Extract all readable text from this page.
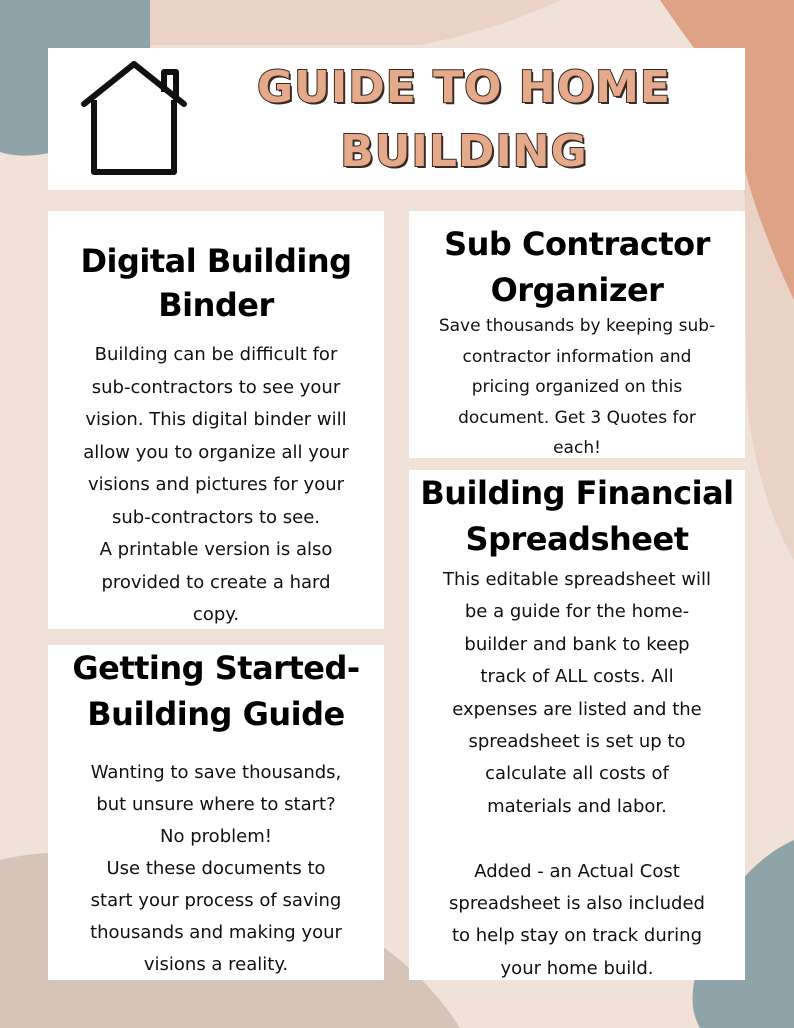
GUIDE TO HOME
BUILDING
Digital Building
Binder

Building can be difficult for
sub-contractors to see your
vision. This digital binder will
allow you to organize all your
visions and pictures for your
sub-contractors to see.
A printable version is also
provided to create a hard
copy.

Getting Started-
Building Guide

Wanting to save thousands,
but unsure where to start?
No problem!
Use these documents to
start your process of saving
thousands and making your
visions a reality.

Sub Contractor
Organizer

Save thousands by keeping sub-
contractor information and
pricing organized on this
document. Get 3 Quotes for
each!

Building Financial
Spreadsheet

This editable spreadsheet will
be a guide for the home-
builder and bank to keep
track of ALL costs. All
expenses are listed and the
spreadsheet is set up to
calculate all costs of
materials and labor.

Added - an Actual Cost
spreadsheet is also included
to help stay on track during
your home build.
